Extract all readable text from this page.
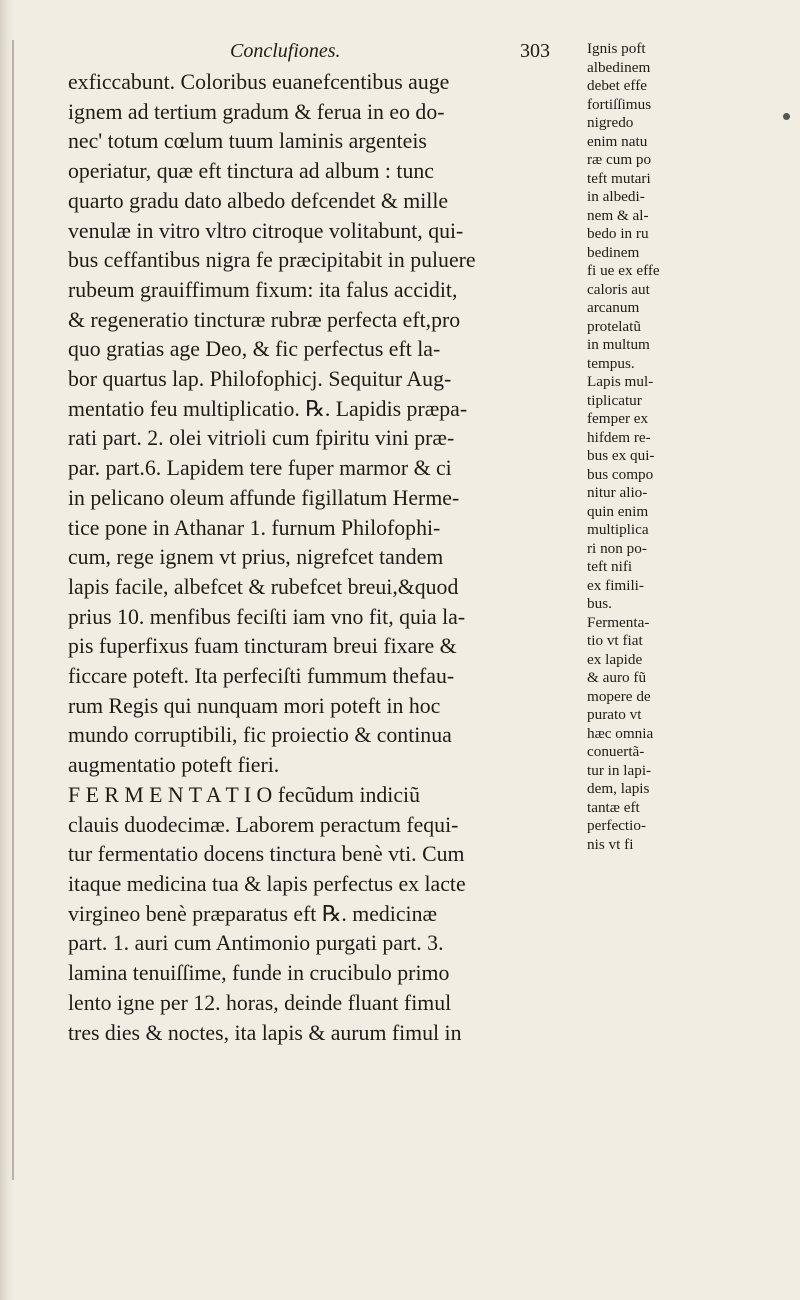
Conclufiones.	303
exficcabunt. Coloribus euanefcentibus auge
ignem ad tertium gradum & ferua in eo do-
nec' totum cœlum tuum laminis argenteis
operiatur, quæ eft tinctura ad album : tunc
quarto gradu dato albedo defcendet & mille
venulæ in vitro vltro citroque volitabunt, qui-
bus ceffantibus nigra fe præcipitabit in puluere
rubeum grauiffimum fixum: ita falus accidit,
& regeneratio tincturæ rubræ perfecta eft,pro
quo gratias age Deo, & fic perfectus eft la-
bor quartus lap. Philofophicj. Sequitur Aug-
mentatio feu multiplicatio. ℞. Lapidis præpa-
rati part. 2. olei vitrioli cum fpiritu vini præ-
par. part.6. Lapidem tere fuper marmor & ci
in pelicano oleum affunde figillatum Herme-
tice pone in Athanar 1. furnum Philofophi-
cum, rege ignem vt prius, nigrefcet tandem
lapis facile, albefcet & rubefcet breui,&quod
prius 10. menfibus feciſti iam vno fit, quia la-
pis fuperfixus fuam tincturam breui fixare &
ficcare poteft. Ita perfeciſti fummum thefau-
rum Regis qui nunquam mori poteft in hoc
mundo corruptibili, fic proiectio & continua
augmentatio poteft fieri.
F E R M E N T A T I O fecũdum indiciũ
clauis duodecimæ. Laborem peractum fequi-
tur fermentatio docens tinctura benè vti. Cum
itaque medicina tua & lapis perfectus ex lacte
virgineo benè præparatus eft ℞. medicinæ
part. 1. auri cum Antimonio purgati part. 3.
lamina tenuiſſime, funde in crucibulo primo
lento igne per 12. horas, deinde fluant fimul
tres dies & noctes, ita lapis & aurum fimul in
Ignis poft
albedinem
debet effe
fortiſſimus
nigredo
enim natu
ræ cum po
teft mutari
in albedi-
nem & al-
bedo in ru
bedinem
fi ue ex effe
caloris aut
arcanum
protelatũ
in multum
tempus.
Lapis mul-
tiplicatur
femper ex
hifdem re-
bus ex qui-
bus compo
nitur alio-
quin enim
multiplica
ri non po-
teft nifi
ex fimili-
bus.
Fermenta-
tio vt fiat
ex lapide
& auro fũ
mopere de
purato vt
hæc omnia
conuertã-
tur in lapi-
dem, lapis
tantæ eft
perfectio-
nis vt fi
